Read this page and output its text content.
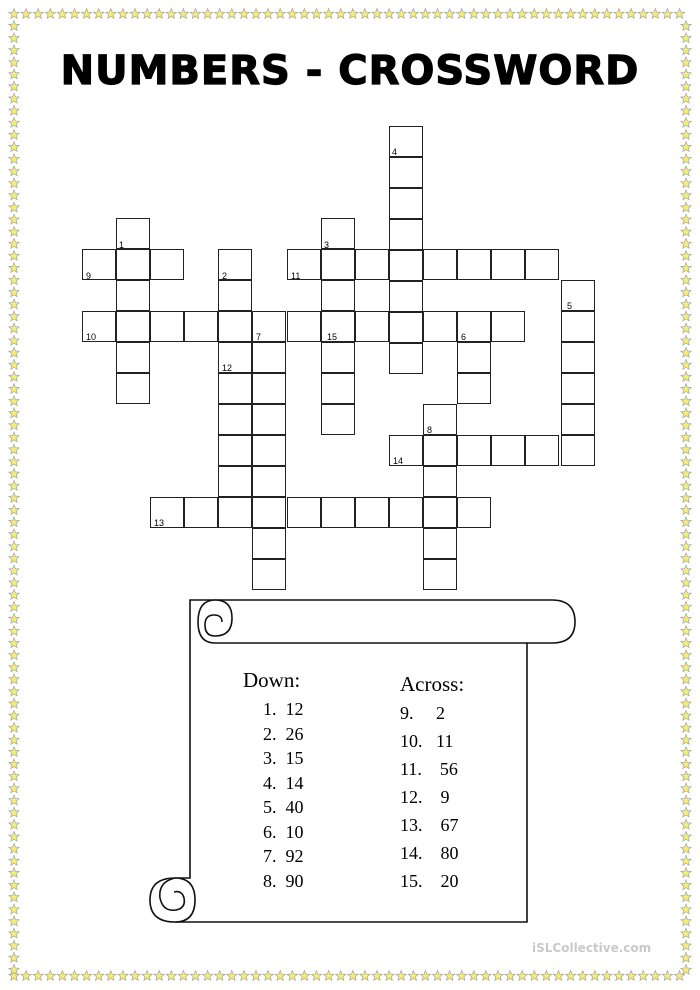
NUMBERS - CROSSWORD
1
2
3
4
5
6
7
8
9
10
11
12
13
14
15
Down:
1.  12
2.  26
3.  15
4.  14
5.  40
6.  10
7.  92
8.  90
Across:
9.     2
10.   11
11.    56
12.    9
13.    67
14.    80
15.    20
iSLCollective.com
